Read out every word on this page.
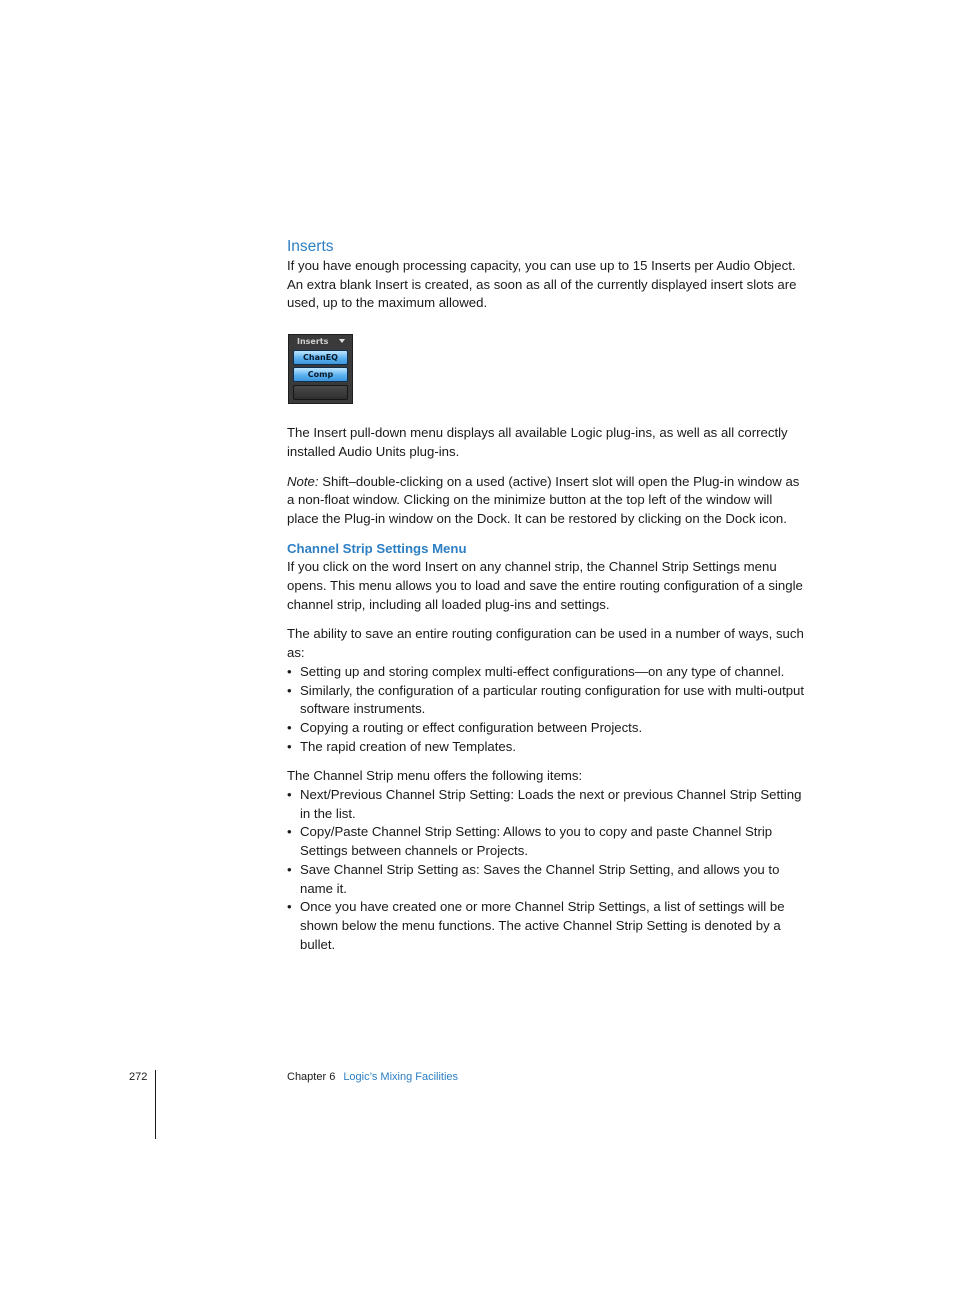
Inserts

If you have enough processing capacity, you can use up to 15 Inserts per Audio Object. An extra blank Insert is created, as soon as all of the currently displayed insert slots are used, up to the maximum allowed.

Inserts
ChanEQ
Comp

The Insert pull-down menu displays all available Logic plug-ins, as well as all correctly installed Audio Units plug-ins.

Note: Shift–double-clicking on a used (active) Insert slot will open the Plug-in window as a non-float window. Clicking on the minimize button at the top left of the window will place the Plug-in window on the Dock. It can be restored by clicking on the Dock icon.

Channel Strip Settings Menu

If you click on the word Insert on any channel strip, the Channel Strip Settings menu opens. This menu allows you to load and save the entire routing configuration of a single channel strip, including all loaded plug-ins and settings.

The ability to save an entire routing configuration can be used in a number of ways, such as:

• Setting up and storing complex multi-effect configurations—on any type of channel.
• Similarly, the configuration of a particular routing configuration for use with multi-output software instruments.
• Copying a routing or effect configuration between Projects.
• The rapid creation of new Templates.

The Channel Strip menu offers the following items:

• Next/Previous Channel Strip Setting: Loads the next or previous Channel Strip Setting in the list.
• Copy/Paste Channel Strip Setting: Allows to you to copy and paste Channel Strip Settings between channels or Projects.
• Save Channel Strip Setting as: Saves the Channel Strip Setting, and allows you to name it.
• Once you have created one or more Channel Strip Settings, a list of settings will be shown below the menu functions. The active Channel Strip Setting is denoted by a bullet.
272	Chapter 6 Logic’s Mixing Facilities
